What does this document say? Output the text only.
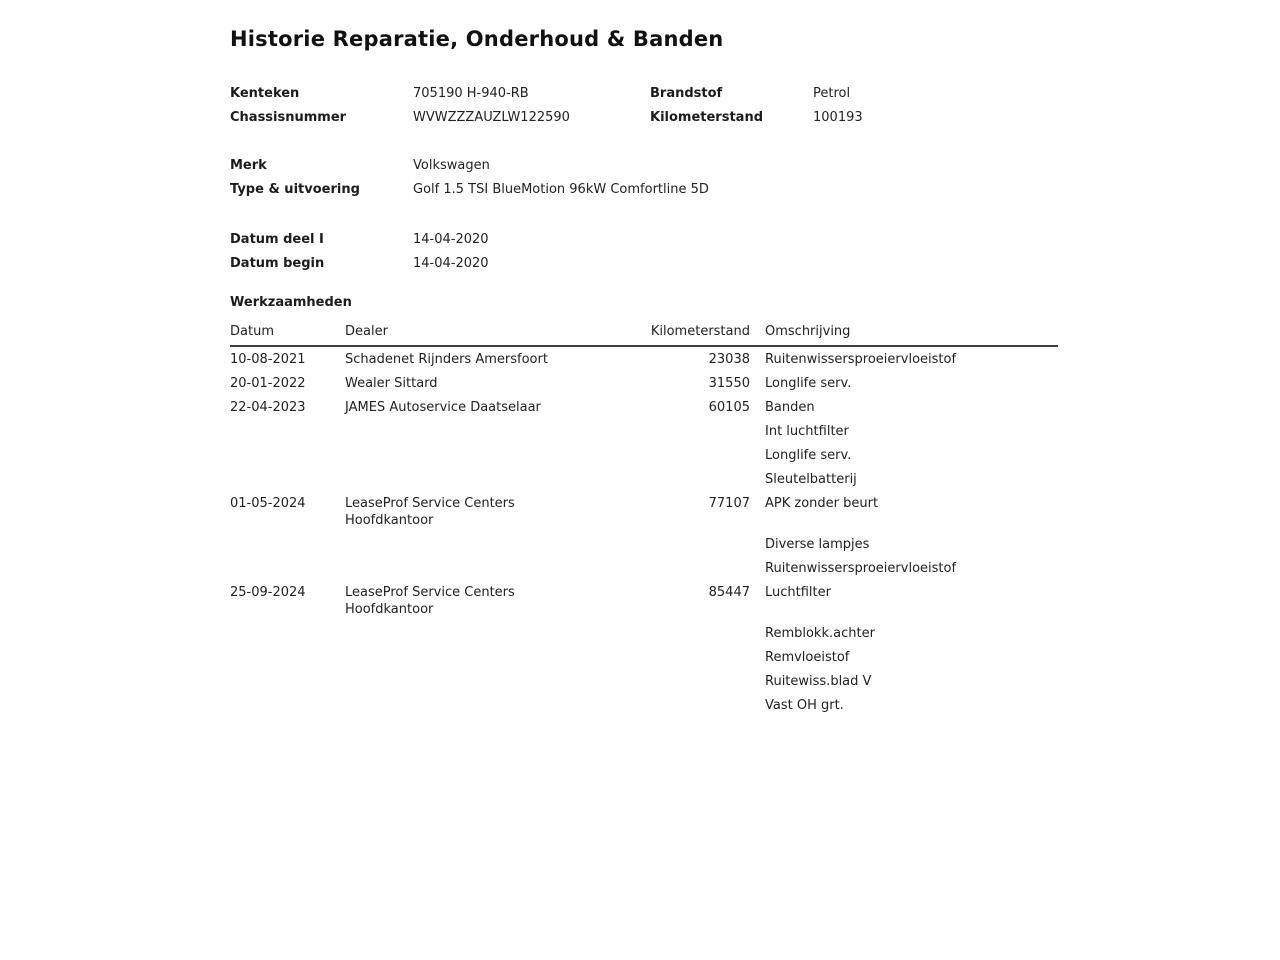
Historie Reparatie, Onderhoud & Banden
Kenteken	705190 H-940-RB	Brandstof	Petrol
Chassisnummer	WVWZZZAUZLW122590	Kilometerstand	100193
Merk	Volkswagen
Type & uitvoering	Golf 1.5 TSI BlueMotion 96kW Comfortline 5D
Datum deel I	14-04-2020
Datum begin	14-04-2020
Werkzaamheden
Datum	Dealer	Kilometerstand	Omschrijving
10-08-2021	Schadenet Rijnders Amersfoort	23038	Ruitenwissersproeiervloeistof
20-01-2022	Wealer Sittard	31550	Longlife serv.
22-04-2023	JAMES Autoservice Daatselaar	60105	Banden
			Int luchtfilter
			Longlife serv.
			Sleutelbatterij
01-05-2024	LeaseProf Service Centers Hoofdkantoor	77107	APK zonder beurt
			Diverse lampjes
			Ruitenwissersproeiervloeistof
25-09-2024	LeaseProf Service Centers Hoofdkantoor	85447	Luchtfilter
			Remblokk.achter
			Remvloeistof
			Ruitewiss.blad V
			Vast OH grt.
